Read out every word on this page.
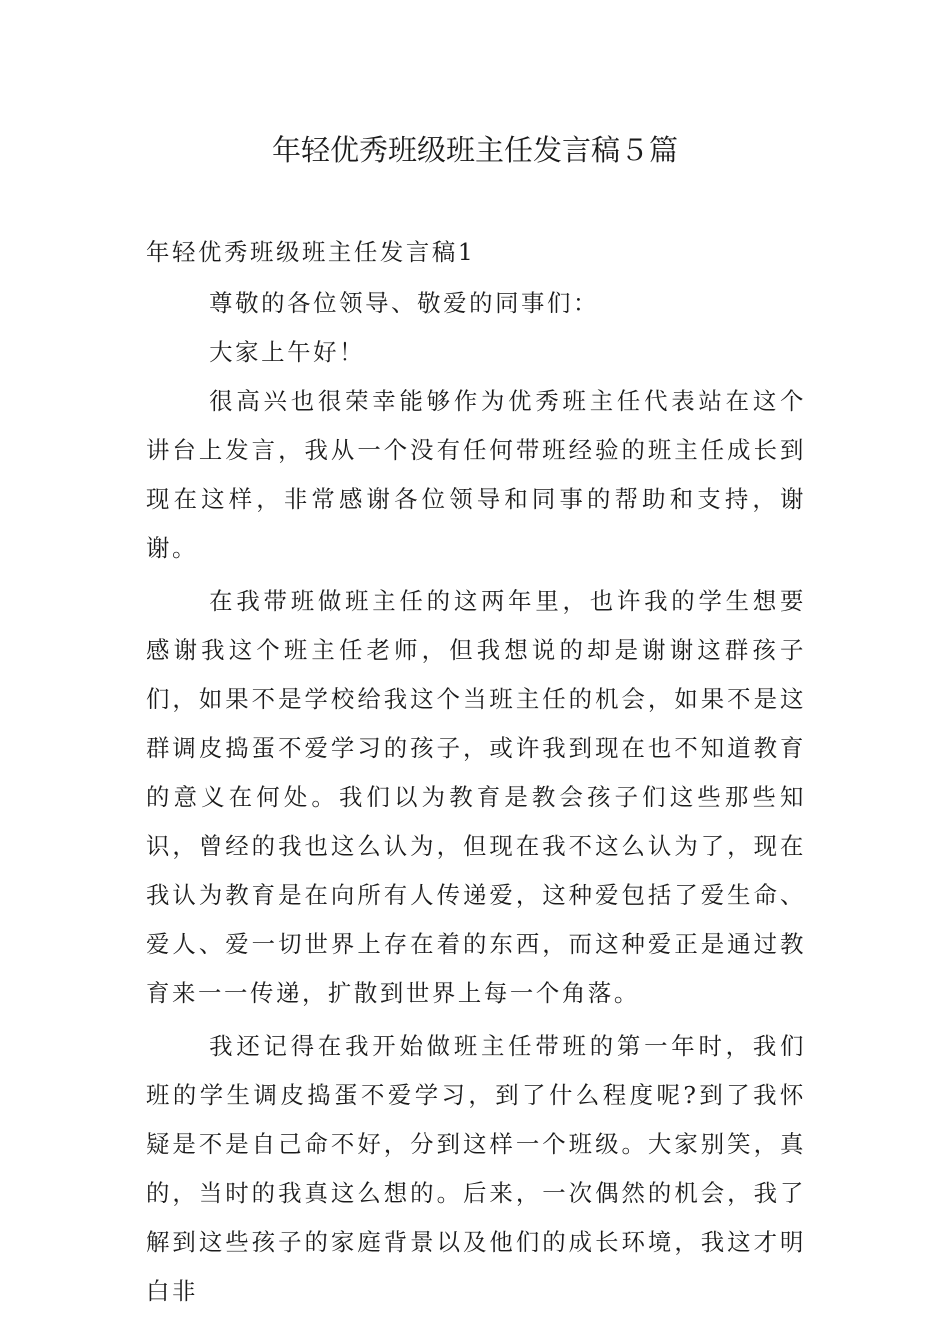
年轻优秀班级班主任发言稿５篇

年轻优秀班级班主任发言稿1

尊敬的各位领导、敬爱的同事们：

大家上午好！

很高兴也很荣幸能够作为优秀班主任代表站在这个讲台上发言，我从一个没有任何带班经验的班主任成长到现在这样，非常感谢各位领导和同事的帮助和支持，谢谢。

在我带班做班主任的这两年里，也许我的学生想要感谢我这个班主任老师，但我想说的却是谢谢这群孩子们，如果不是学校给我这个当班主任的机会，如果不是这群调皮捣蛋不爱学习的孩子，或许我到现在也不知道教育的意义在何处。我们以为教育是教会孩子们这些那些知识，曾经的我也这么认为，但现在我不这么认为了，现在我认为教育是在向所有人传递爱，这种爱包括了爱生命、爱人、爱一切世界上存在着的东西，而这种爱正是通过教育来一一传递，扩散到世界上每一个角落。

我还记得在我开始做班主任带班的第一年时，我们班的学生调皮捣蛋不爱学习，到了什么程度呢?到了我怀疑是不是自己命不好，分到这样一个班级。大家别笑，真的，当时的我真这么想的。后来，一次偶然的机会，我了解到这些孩子的家庭背景以及他们的成长环境，我这才明白非
